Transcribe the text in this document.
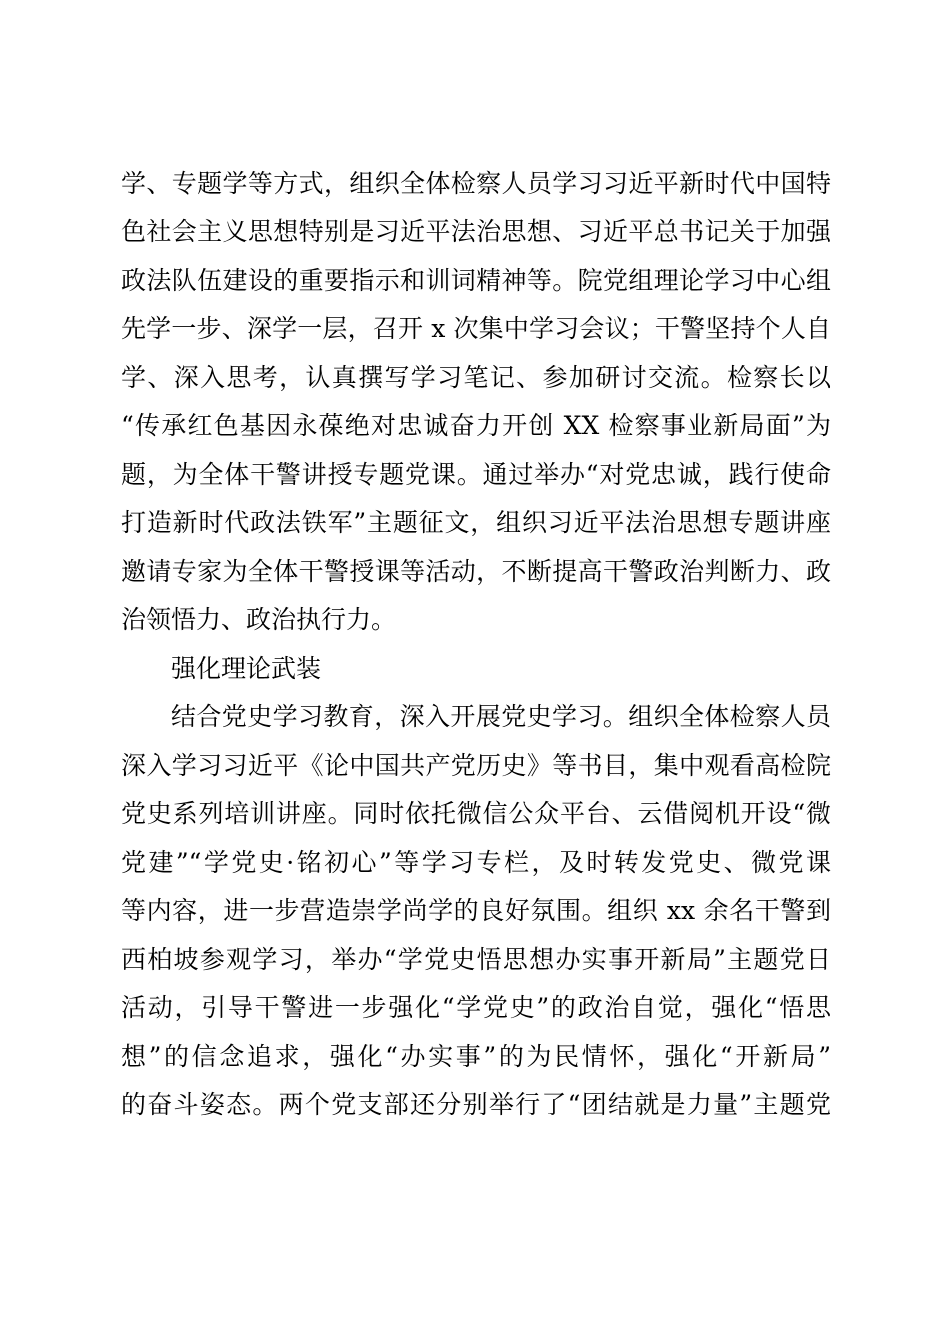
学、专题学等方式，组织全体检察人员学习习近平新时代中国特
色社会主义思想特别是习近平法治思想、习近平总书记关于加强
政法队伍建设的重要指示和训词精神等。院党组理论学习中心组
先学一步、深学一层，召开 x 次集中学习会议；干警坚持个人自
学、深入思考，认真撰写学习笔记、参加研讨交流。检察长以
“传承红色基因永葆绝对忠诚奋力开创 XX 检察事业新局面”为
题，为全体干警讲授专题党课。通过举办“对党忠诚，践行使命
打造新时代政法铁军”主题征文，组织习近平法治思想专题讲座
邀请专家为全体干警授课等活动，不断提高干警政治判断力、政
治领悟力、政治执行力。
强化理论武装
结合党史学习教育，深入开展党史学习。组织全体检察人员
深入学习习近平《论中国共产党历史》等书目，集中观看高检院
党史系列培训讲座。同时依托微信公众平台、云借阅机开设“微
党建”“学党史·铭初心”等学习专栏，及时转发党史、微党课
等内容，进一步营造崇学尚学的良好氛围。组织 xx 余名干警到
西柏坡参观学习，举办“学党史悟思想办实事开新局”主题党日
活动，引导干警进一步强化“学党史”的政治自觉，强化“悟思
想”的信念追求，强化“办实事”的为民情怀，强化“开新局”
的奋斗姿态。两个党支部还分别举行了“团结就是力量”主题党
